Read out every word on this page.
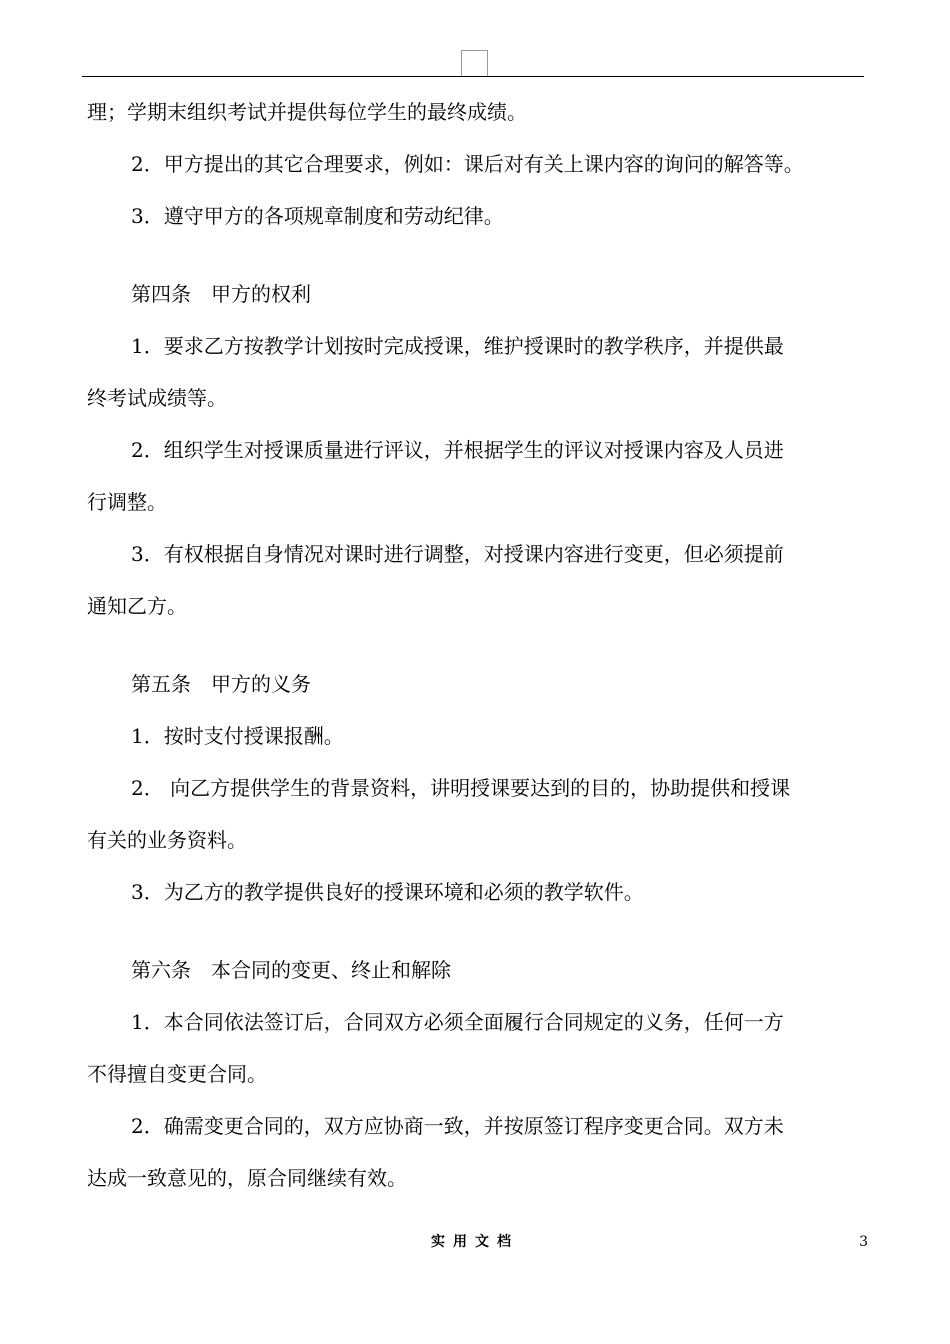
理；学期末组织考试并提供每位学生的最终成绩。

2．甲方提出的其它合理要求，例如：课后对有关上课内容的询问的解答等。

3．遵守甲方的各项规章制度和劳动纪律。

第四条　甲方的权利

1．要求乙方按教学计划按时完成授课，维护授课时的教学秩序，并提供最

终考试成绩等。

2．组织学生对授课质量进行评议，并根据学生的评议对授课内容及人员进

行调整。

3．有权根据自身情况对课时进行调整，对授课内容进行变更，但必须提前

通知乙方。

第五条　甲方的义务

1．按时支付授课报酬。

2． 向乙方提供学生的背景资料，讲明授课要达到的目的，协助提供和授课

有关的业务资料。

3．为乙方的教学提供良好的授课环境和必须的教学软件。

第六条　本合同的变更、终止和解除

1．本合同依法签订后，合同双方必须全面履行合同规定的义务，任何一方

不得擅自变更合同。

2．确需变更合同的，双方应协商一致，并按原签订程序变更合同。双方未

达成一致意见的，原合同继续有效。

实用文档	3
